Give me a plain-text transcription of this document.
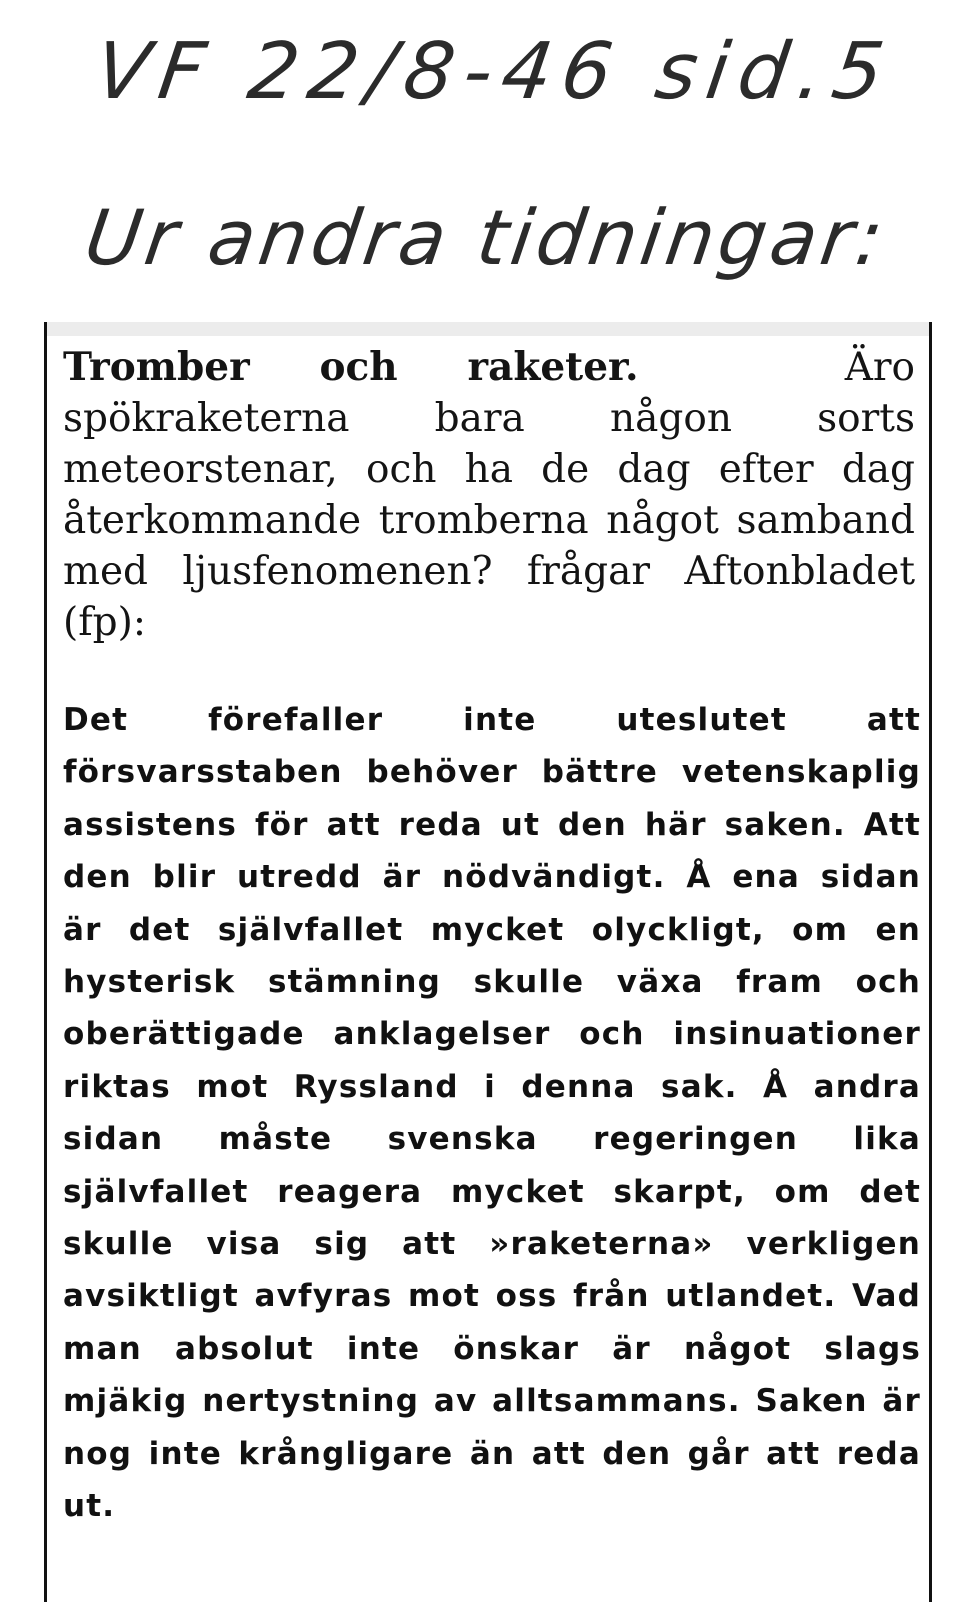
VF 22/8-46 sid.5
Ur andra tidningar:
Tromber och raketer.	Äro spökraketerna bara någon sorts meteorstenar, och ha de dag efter dag återkommande tromberna något samband med ljusfenomenen? frågar Aftonbladet (fp):
Det förefaller inte uteslutet att försvarsstaben behöver bättre vetenskaplig assistens för att reda ut den här saken. Att den blir utredd är nödvändigt. Å ena sidan är det självfallet mycket olyckligt, om en hysterisk stämning skulle växa fram och oberättigade anklagelser och insinuationer riktas mot Ryssland i denna sak. Å andra sidan måste svenska regeringen lika självfallet reagera mycket skarpt, om det skulle visa sig att »raketerna» verkligen avsiktligt avfyras mot oss från utlandet. Vad man absolut inte önskar är något slags mjäkig nertystning av alltsammans. Saken är nog inte krångligare än att den går att reda ut.
